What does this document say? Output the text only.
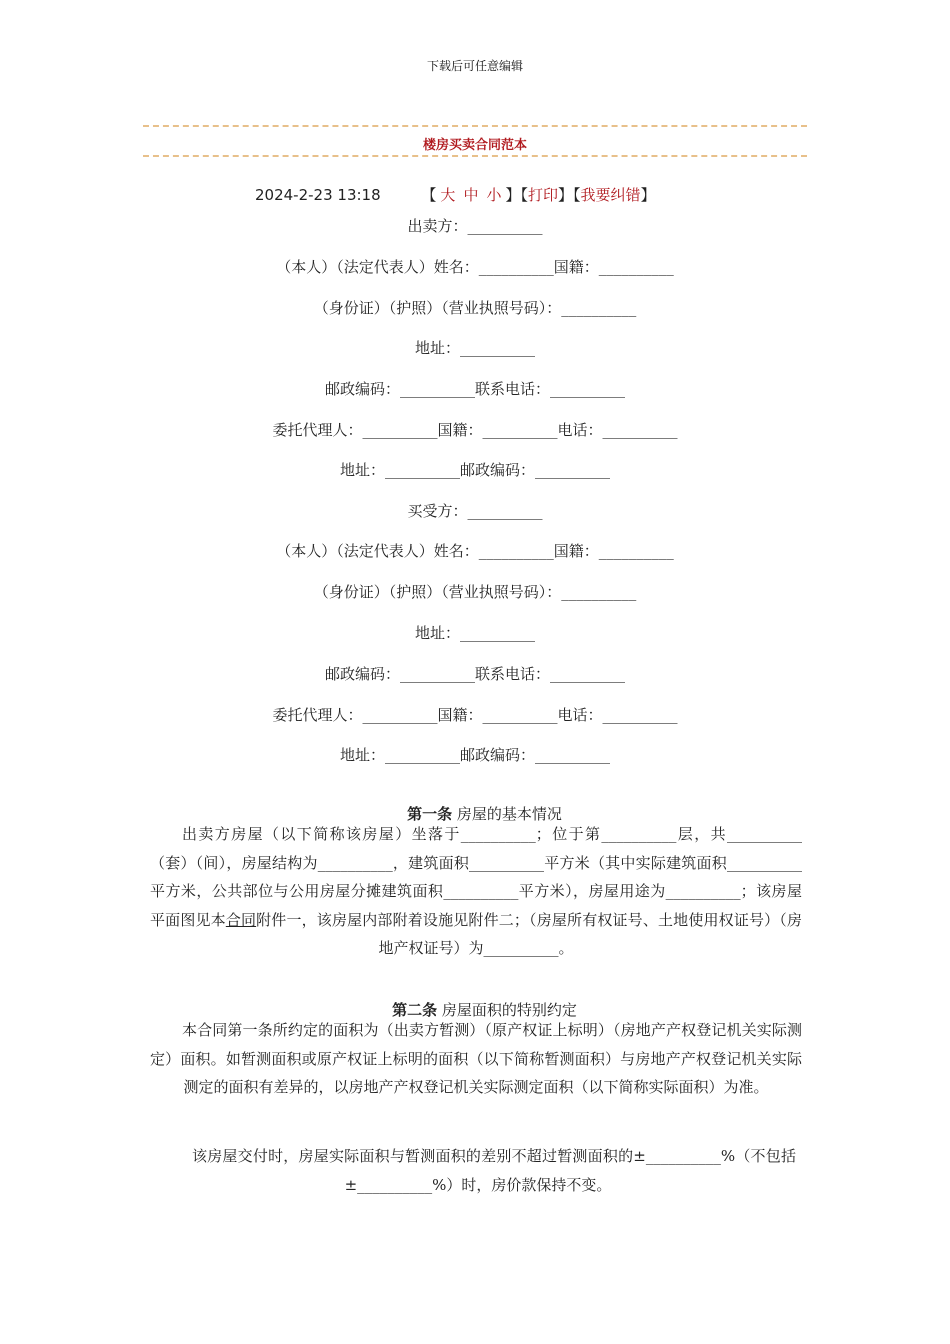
下载后可任意编辑
楼房买卖合同范本
2024-2-23 13:18	【 大 中 小 】【打印】【我要纠错】
出卖方：__________
（本人）（法定代表人）姓名：__________国籍：__________
（身份证）（护照）（营业执照号码）：__________
地址：__________
邮政编码：__________联系电话：__________
委托代理人：__________国籍：__________电话：__________
地址：__________邮政编码：__________
买受方：__________
（本人）（法定代表人）姓名：__________国籍：__________
（身份证）（护照）（营业执照号码）：__________
地址：__________
邮政编码：__________联系电话：__________
委托代理人：__________国籍：__________电话：__________
地址：__________邮政编码：__________

第一条 房屋的基本情况

出卖方房屋（以下简称该房屋）坐落于__________；位于第__________层，共__________（套）（间），房屋结构为__________，建筑面积__________平方米（其中实际建筑面积__________平方米，公共部位与公用房屋分摊建筑面积__________平方米），房屋用途为__________；该房屋平面图见本合同附件一，该房屋内部附着设施见附件二；（房屋所有权证号、土地使用权证号）（房地产权证号）为__________。

第二条 房屋面积的特别约定

本合同第一条所约定的面积为（出卖方暂测）（原产权证上标明）（房地产产权登记机关实际测定）面积。如暂测面积或原产权证上标明的面积（以下简称暂测面积）与房地产产权登记机关实际测定的面积有差异的，以房地产产权登记机关实际测定面积（以下简称实际面积）为准。
该房屋交付时，房屋实际面积与暂测面积的差别不超过暂测面积的±__________%（不包括±__________%）时，房价款保持不变。
